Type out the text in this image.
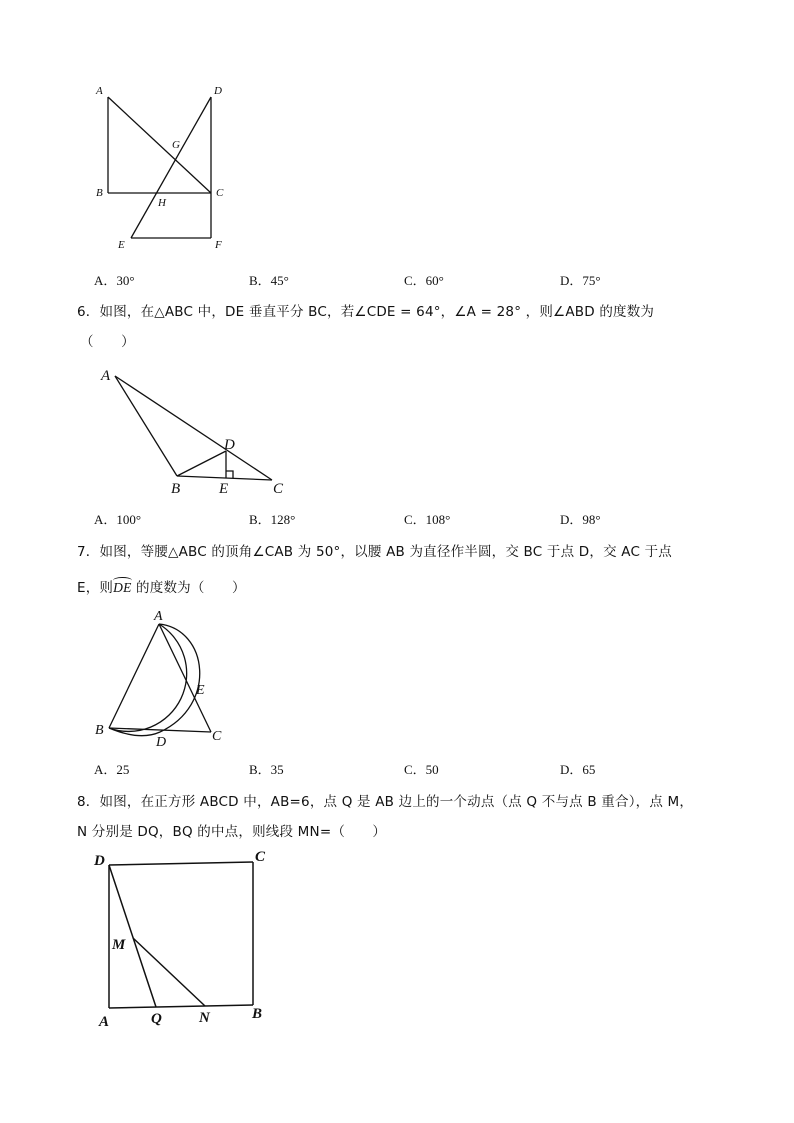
A	D
G
B	C
H
E	F
A．30°	B．45°	C．60°	D．75°
6．如图，在△ABC 中，DE 垂直平分 BC，若∠CDE = 64°，∠A = 28° ，则∠ABD 的度数为
（　　）
A
D
B	E	C
A．100°	B．128°	C．108°	D．98°
7．如图，等腰△ABC 的顶角∠CAB 为 50°，以腰 AB 为直径作半圆，交 BC 于点 D，交 AC 于点
E，则DE 的度数为（　　）
A
E
B	C
D
A．25	B．35	C．50	D．65
8．如图，在正方形 ABCD 中，AB=6，点 Q 是 AB 边上的一个动点（点 Q 不与点 B 重合），点 M，
N 分别是 DQ，BQ 的中点，则线段 MN=（　　）
D	C
M
A	Q N	B
